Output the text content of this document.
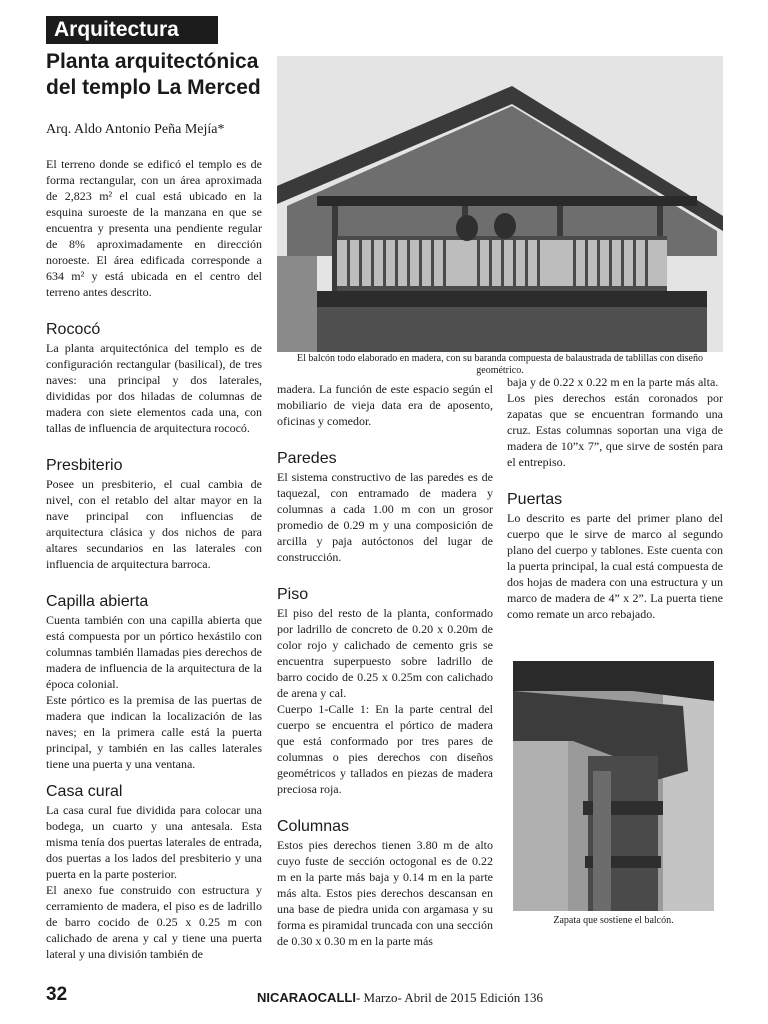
Arquitectura
Planta arquitectónica del templo La Merced
Arq. Aldo Antonio Peña Mejía*

El terreno donde se edificó el templo es de forma rectangular, con un área aproximada de 2,823 m² el cual está ubicado en la esquina suroeste de la manzana en que se encuentra y presenta una pendiente regular de 8% aproximadamente en dirección noroeste. El área edificada corresponde a 634 m² y está ubicada en el centro del terreno antes descrito.

Rococó

La planta arquitectónica del templo es de configuración rectangular (basilical), de tres naves: una principal y dos laterales, divididas por dos hiladas de columnas de madera con siete elementos cada una, con tallas de influencia de arquitectura rococó.

Presbiterio

Posee un presbiterio, el cual cambia de nivel, con el retablo del altar mayor en la nave principal con influencias de arquitectura clásica y dos nichos de para altares secundarios en las laterales con influencia de arquitectura barroca.

Capilla abierta

Cuenta también con una capilla abierta que está compuesta por un pórtico hexástilo con columnas también llamadas pies derechos de madera de influencia de la arquitectura de la época colonial.

Este pórtico es la premisa de las puertas de madera que indican la localización de las naves; en la primera calle está la puerta principal, y también en las calles laterales tiene una puerta y una ventana.

Casa cural

La casa cural fue dividida para colocar una bodega, un cuarto y una antesala. Esta misma tenía dos puertas laterales de entrada, dos puertas a los lados del presbiterio y una puerta en la parte posterior.

El anexo fue construido con estructura y cerramiento de madera, el piso es de ladrillo de barro cocido de 0.25 x 0.25 m con calichado de arena y cal y tiene una puerta lateral y una división también de

El balcón todo elaborado en madera, con su baranda compuesta de balaustrada de tablillas con diseño geométrico.

madera. La función de este espacio según el mobiliario de vieja data era de aposento, oficinas y comedor.

Paredes

El sistema constructivo de las paredes es de taquezal, con entramado de madera y columnas a cada 1.00 m con un grosor promedio de 0.29 m y una composición de arcilla y paja autóctonos del lugar de construcción.

Piso

El piso del resto de la planta, conformado por ladrillo de concreto de 0.20 x 0.20m de color rojo y calichado de cemento gris se encuentra superpuesto sobre ladrillo de barro cocido de 0.25 x 0.25m con calichado de arena y cal.

Cuerpo 1-Calle 1: En la parte central del cuerpo se encuentra el pórtico de madera que está conformado por tres pares de columnas o pies derechos con diseños geométricos y tallados en piezas de madera preciosa roja.

Columnas

Estos pies derechos tienen 3.80 m de alto cuyo fuste de sección octogonal es de 0.22 m en la parte más baja y 0.14 m en la parte más alta. Estos pies derechos descansan en una base de piedra unida con argamasa y su forma es piramidal truncada con una sección de 0.30 x 0.30 m en la parte más

baja y de 0.22 x 0.22 m en la parte más alta.

Los pies derechos están coronados por zapatas que se encuentran formando una cruz. Estas columnas soportan una viga de madera de 10”x 7”, que sirve de sostén para el entrepiso.

Puertas

Lo descrito es parte del primer plano del cuerpo que le sirve de marco al segundo plano del cuerpo y tablones. Este cuenta con la puerta principal, la cual está compuesta de dos hojas de madera con una estructura y un marco de madera de 4” x 2”. La puerta tiene como remate un arco rebajado.

Zapata que sostiene el balcón.
32	NICARAOCALLI- Marzo- Abril de 2015 Edición 136
